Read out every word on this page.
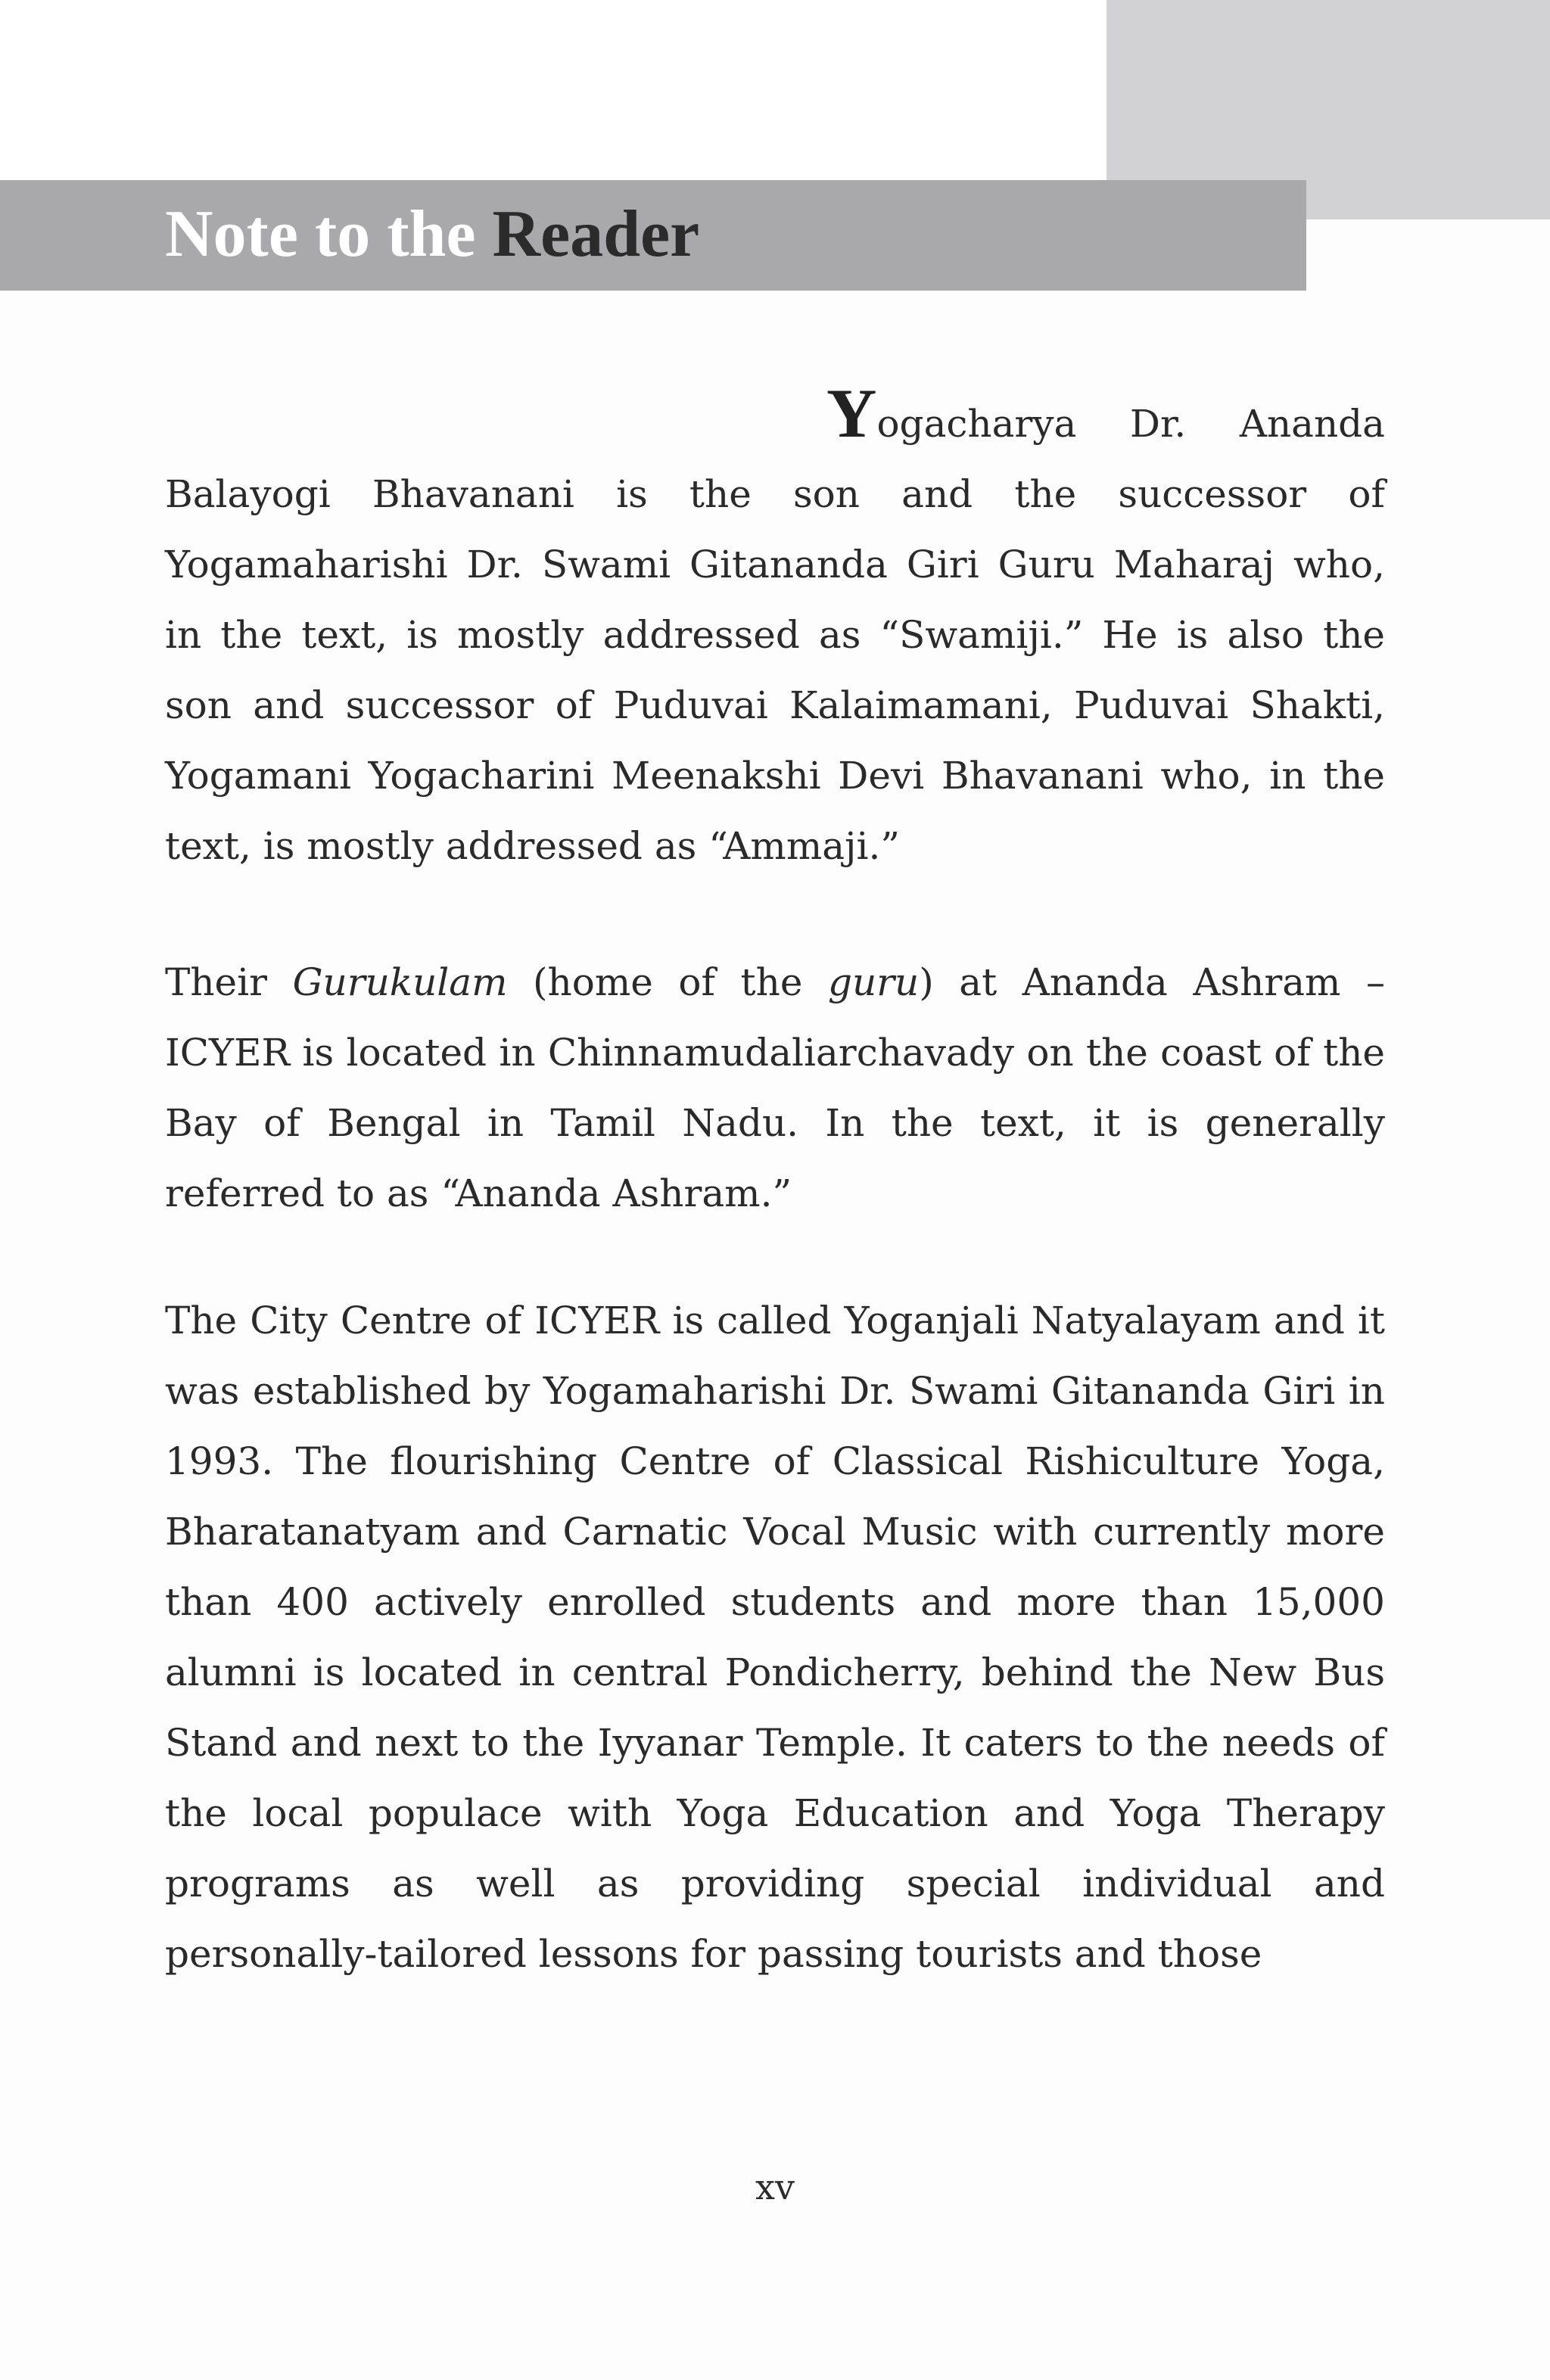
Note to the Reader

Yogacharya Dr. Ananda Balayogi Bhavanani is the son and the successor of Yogamaharishi Dr. Swami Gitananda Giri Guru Maharaj who, in the text, is mostly addressed as “Swamiji.” He is also the son and successor of Puduvai Kalaimamani, Puduvai Shakti, Yogamani Yogacharini Meenakshi Devi Bhavanani who, in the text, is mostly addressed as “Ammaji.”

Their Gurukulam (home of the guru) at Ananda Ashram – ICYER is located in Chinnamudaliarchavady on the coast of the Bay of Bengal in Tamil Nadu. In the text, it is generally referred to as “Ananda Ashram.”

The City Centre of ICYER is called Yoganjali Natyalayam and it was established by Yogamaharishi Dr. Swami Gitananda Giri in 1993. The flourishing Centre of Classical Rishiculture Yoga, Bharatanatyam and Carnatic Vocal Music with currently more than 400 actively enrolled students and more than 15,000 alumni is located in central Pondicherry, behind the New Bus Stand and next to the Iyyanar Temple. It caters to the needs of the local populace with Yoga Education and Yoga Therapy programs as well as providing special individual and personally-tailored lessons for passing tourists and those

xv
